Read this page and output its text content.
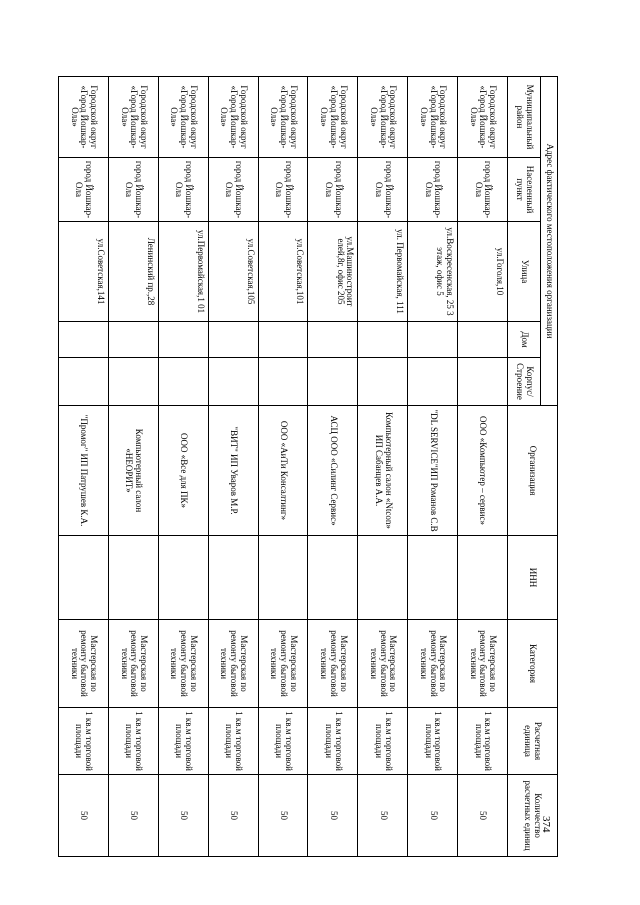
374
Адрес фактического местоположения организации					Организация	ИНН	Категория	Расчетная единица	Количество расчетных единиц
Муниципальный район	Населенный пункт	Улица	Дом	Корпус/ Строение					
Городской округ «Город Йошкар-Ола»	город Йошкар-Ола	ул.Гоголя,10			ООО «Компьютер – сервис»		Мастерская по ремонту бытовой техники	1 кв.м торговой площади	50
Городской округ «Город Йошкар-Ола»	город Йошкар-Ола	ул.Воскресенская, 25 3 этаж, офис 5			"DL SERVICE"ИП Романов С.В		Мастерская по ремонту бытовой техники	1 кв.м торговой площади	50
Городской округ «Город Йошкар-Ола»	город Йошкар-Ола	ул. Первомайская, 111			Компьютерный салон «Ntcon» ИП Сабанцев А.А.		Мастерская по ремонту бытовой техники	1 кв.м торговой площади	50
Городской округ «Город Йошкар-Ола»	город Йошкар-Ола	ул.Машиностроит елей,8г, офис 205			АСЦ ООО «Силинг Сервис»		Мастерская по ремонту бытовой техники	1 кв.м торговой площади	50
Городской округ «Город Йошкар-Ола»	город Йошкар-Ола	ул.Советская,101			ООО «АиТи Консалтинг»		Мастерская по ремонту бытовой техники	1 кв.м торговой площади	50
Городской округ «Город Йошкар-Ола»	город Йошкар-Ола	ул.Советская,105			"ВИТ" ИП Уваров М.Р.		Мастерская по ремонту бытовой техники	1 кв.м торговой площади	50
Городской округ «Город Йошкар-Ола»	город Йошкар-Ола	ул.Первомайская,1 01			ООО «Все для ПК»		Мастерская по ремонту бытовой техники	1 кв.м торговой площади	50
Городской округ «Город Йошкар-Ола»	город Йошкар-Ола	Ленинский пр.,28			Компьютерный салон «НЕОРИТ»		Мастерская по ремонту бытовой техники	1 кв.м торговой площади	50
Городской округ «Город Йошкар-Ола»	город Йошкар-Ола	ул.Советская,141			"Промог" ИП Патрушев К.А.		Мастерская по ремонту бытовой техники	1 кв.м торговой площади	50
